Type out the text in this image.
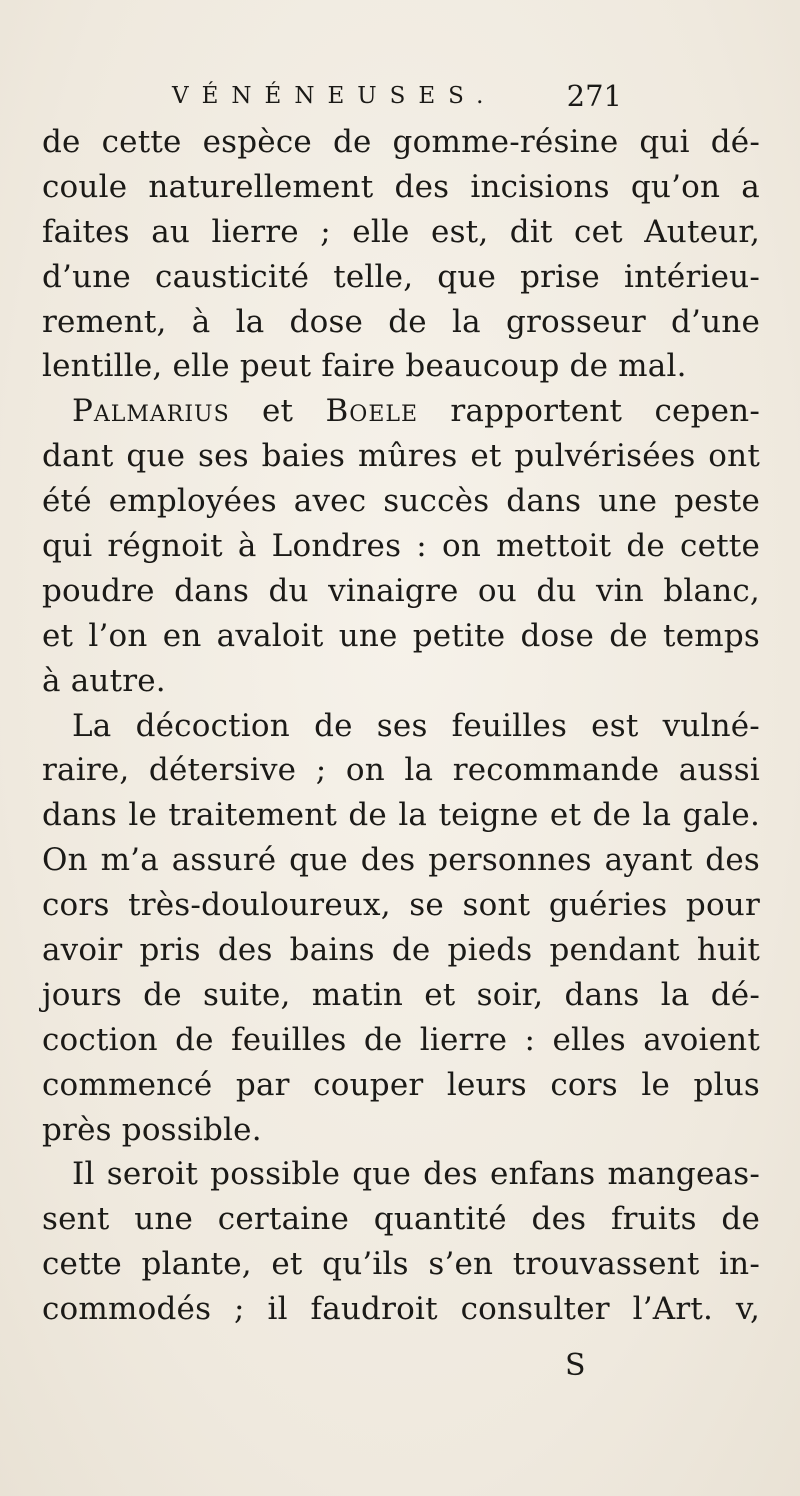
VÉNÉNEUSES. 271
de cette espèce de gomme-résine qui dé-
coule naturellement des incisions qu’on a
faites au lierre ; elle est, dit cet Auteur,
d’une causticité telle, que prise intérieu-
rement, à la dose de la grosseur d’une
lentille, elle peut faire beaucoup de mal.
Palmarius et Boele rapportent cepen-
dant que ses baies mûres et pulvérisées ont
été employées avec succès dans une peste
qui régnoit à Londres : on mettoit de cette
poudre dans du vinaigre ou du vin blanc,
et l’on en avaloit une petite dose de temps
à autre.
La décoction de ses feuilles est vulné-
raire, détersive ; on la recommande aussi
dans le traitement de la teigne et de la gale.
On m’a assuré que des personnes ayant des
cors très-douloureux, se sont guéries pour
avoir pris des bains de pieds pendant huit
jours de suite, matin et soir, dans la dé-
coction de feuilles de lierre : elles avoient
commencé par couper leurs cors le plus
près possible.
Il seroit possible que des enfans mangeas-
sent une certaine quantité des fruits de
cette plante, et qu’ils s’en trouvassent in-
commodés ; il faudroit consulter l’Art. v,
S
